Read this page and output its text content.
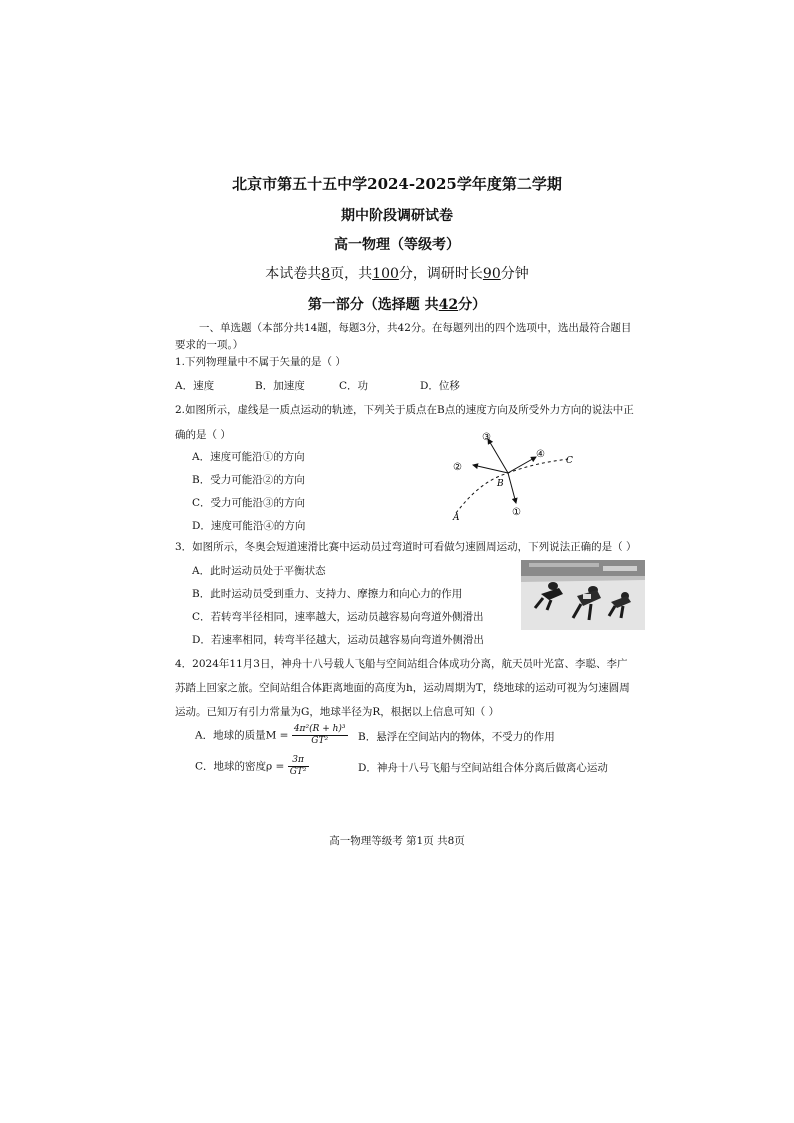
北京市第五十五中学2024-2025学年度第二学期
期中阶段调研试卷
高一物理（等级考）
本试卷共8页，共100分，调研时长90分钟
第一部分（选择题 共42分）
一、单选题（本部分共14题，每题3分，共42分。在每题列出的四个选项中，选出最符合题目
要求的一项。）
1.下列物理量中不属于矢量的是（ ）
A．速度	B．加速度	C．功	D．位移
2.如图所示，虚线是一质点运动的轨迹，下列关于质点在B点的速度方向及所受外力方向的说法中正
确的是（ ）
A．速度可能沿①的方向
B．受力可能沿②的方向
C．受力可能沿③的方向
D．速度可能沿④的方向
③
②
④
①
B
C
A
3．如图所示，冬奥会短道速滑比赛中运动员过弯道时可看做匀速圆周运动，下列说法正确的是（ ）
A．此时运动员处于平衡状态
B．此时运动员受到重力、支持力、摩擦力和向心力的作用
C．若转弯半径相同，速率越大，运动员越容易向弯道外侧滑出
D．若速率相同，转弯半径越大，运动员越容易向弯道外侧滑出
4．2024年11月3日，神舟十八号载人飞船与空间站组合体成功分离，航天员叶光富、李聪、李广
苏踏上回家之旅。空间站组合体距离地面的高度为h，运动周期为T，绕地球的运动可视为匀速圆周
运动。已知万有引力常量为G，地球半径为R，根据以上信息可知（ ）
A．地球的质量$M = \frac{\text{4π²(R + h)³}}{\text{GT²}}$ B．悬浮在空间站内的物体，不受力的作用
C．地球的密度$\rho = \frac{3\pi}{\text{GT²}}$	D．神舟十八号飞船与空间站组合体分离后做离心运动
高一物理等级考 第1页 共8页
